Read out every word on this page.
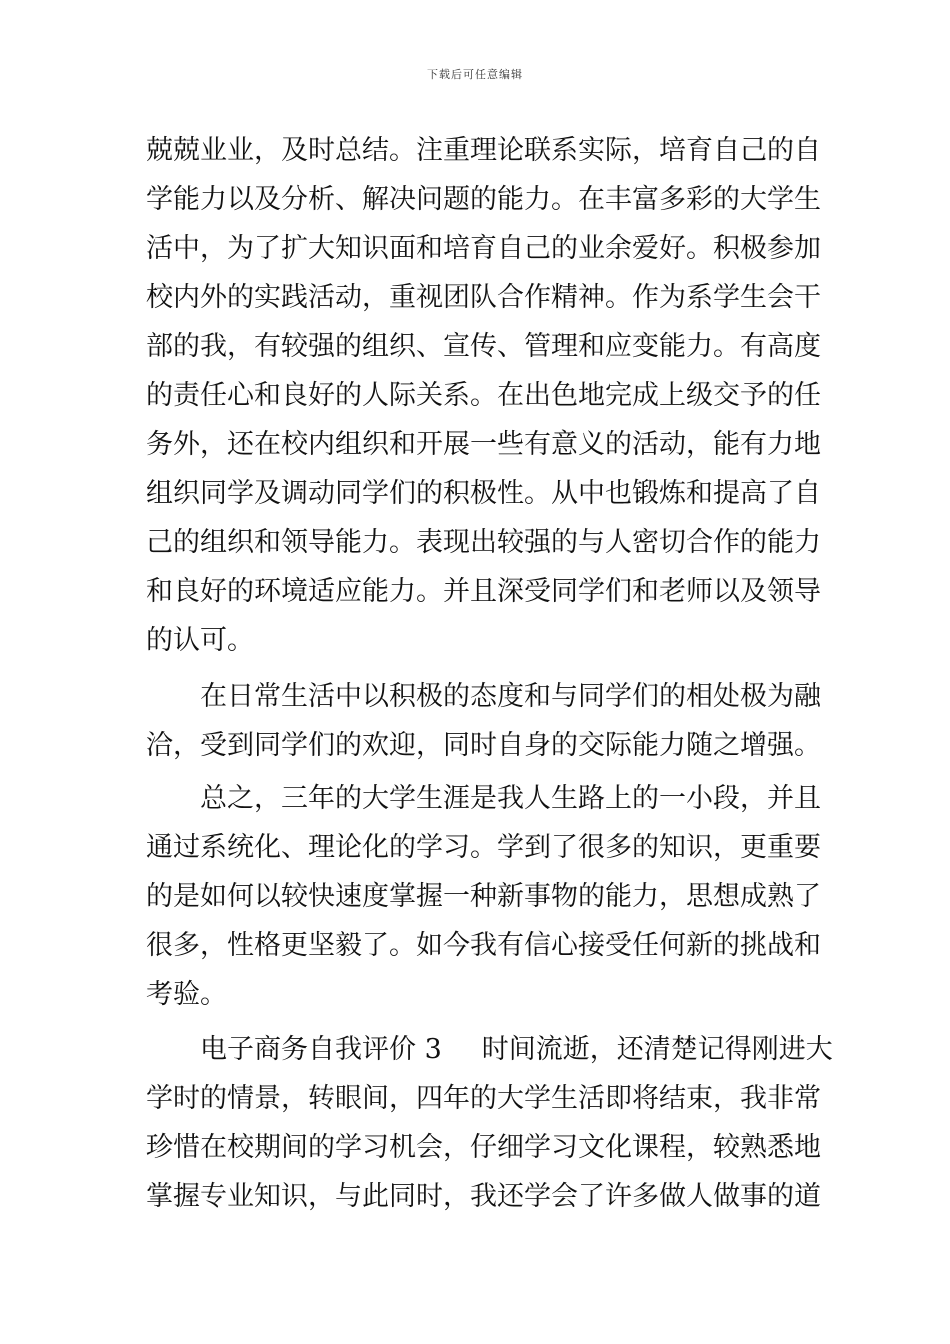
下载后可任意编辑
兢兢业业，及时总结。注重理论联系实际，培育自己的自
学能力以及分析、解决问题的能力。在丰富多彩的大学生
活中，为了扩大知识面和培育自己的业余爱好。积极参加
校内外的实践活动，重视团队合作精神。作为系学生会干
部的我，有较强的组织、宣传、管理和应变能力。有高度
的责任心和良好的人际关系。在出色地完成上级交予的任
务外，还在校内组织和开展一些有意义的活动，能有力地
组织同学及调动同学们的积极性。从中也锻炼和提高了自
己的组织和领导能力。表现出较强的与人密切合作的能力
和良好的环境适应能力。并且深受同学们和老师以及领导
的认可。
在日常生活中以积极的态度和与同学们的相处极为融
洽，受到同学们的欢迎，同时自身的交际能力随之增强。
总之，三年的大学生涯是我人生路上的一小段，并且
通过系统化、理论化的学习。学到了很多的知识，更重要
的是如何以较快速度掌握一种新事物的能力，思想成熟了
很多，性格更坚毅了。如今我有信心接受任何新的挑战和
考验。
电子商务自我评价 3 时间流逝，还清楚记得刚进大
学时的情景，转眼间，四年的大学生活即将结束，我非常
珍惜在校期间的学习机会，仔细学习文化课程，较熟悉地
掌握专业知识，与此同时，我还学会了许多做人做事的道
